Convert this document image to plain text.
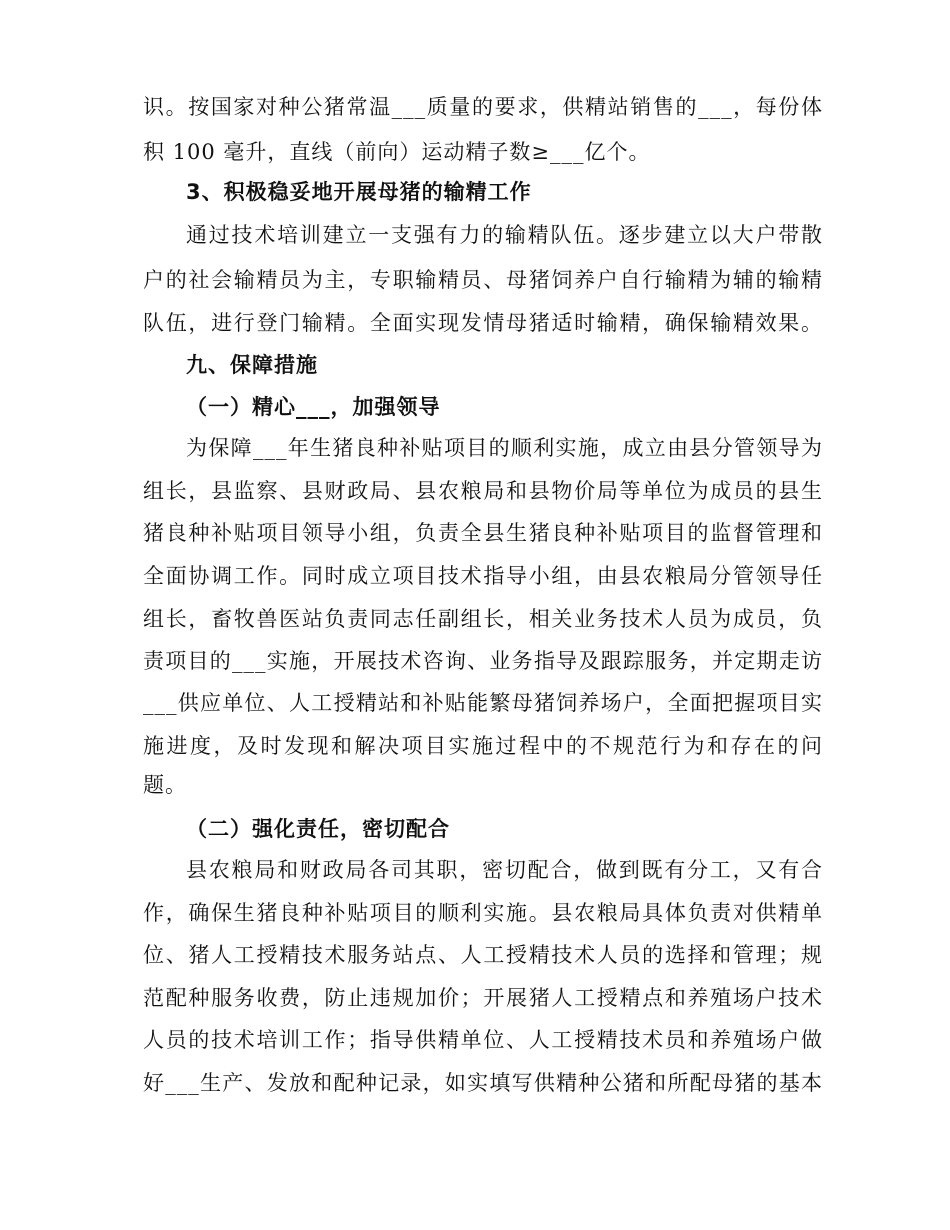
识。按国家对种公猪常温___质量的要求，供精站销售的___，每份体
积 100 毫升，直线（前向）运动精子数≥___亿个。
3、积极稳妥地开展母猪的输精工作
通过技术培训建立一支强有力的输精队伍。逐步建立以大户带散
户的社会输精员为主，专职输精员、母猪饲养户自行输精为辅的输精
队伍，进行登门输精。全面实现发情母猪适时输精，确保输精效果。
九、保障措施
（一）精心___，加强领导
为保障___年生猪良种补贴项目的顺利实施，成立由县分管领导为
组长，县监察、县财政局、县农粮局和县物价局等单位为成员的县生
猪良种补贴项目领导小组，负责全县生猪良种补贴项目的监督管理和
全面协调工作。同时成立项目技术指导小组，由县农粮局分管领导任
组长，畜牧兽医站负责同志任副组长，相关业务技术人员为成员，负
责项目的___实施，开展技术咨询、业务指导及跟踪服务，并定期走访
___供应单位、人工授精站和补贴能繁母猪饲养场户，全面把握项目实
施进度，及时发现和解决项目实施过程中的不规范行为和存在的问
题。
（二）强化责任，密切配合
县农粮局和财政局各司其职，密切配合，做到既有分工，又有合
作，确保生猪良种补贴项目的顺利实施。县农粮局具体负责对供精单
位、猪人工授精技术服务站点、人工授精技术人员的选择和管理；规
范配种服务收费，防止违规加价；开展猪人工授精点和养殖场户技术
人员的技术培训工作；指导供精单位、人工授精技术员和养殖场户做
好___生产、发放和配种记录，如实填写供精种公猪和所配母猪的基本
